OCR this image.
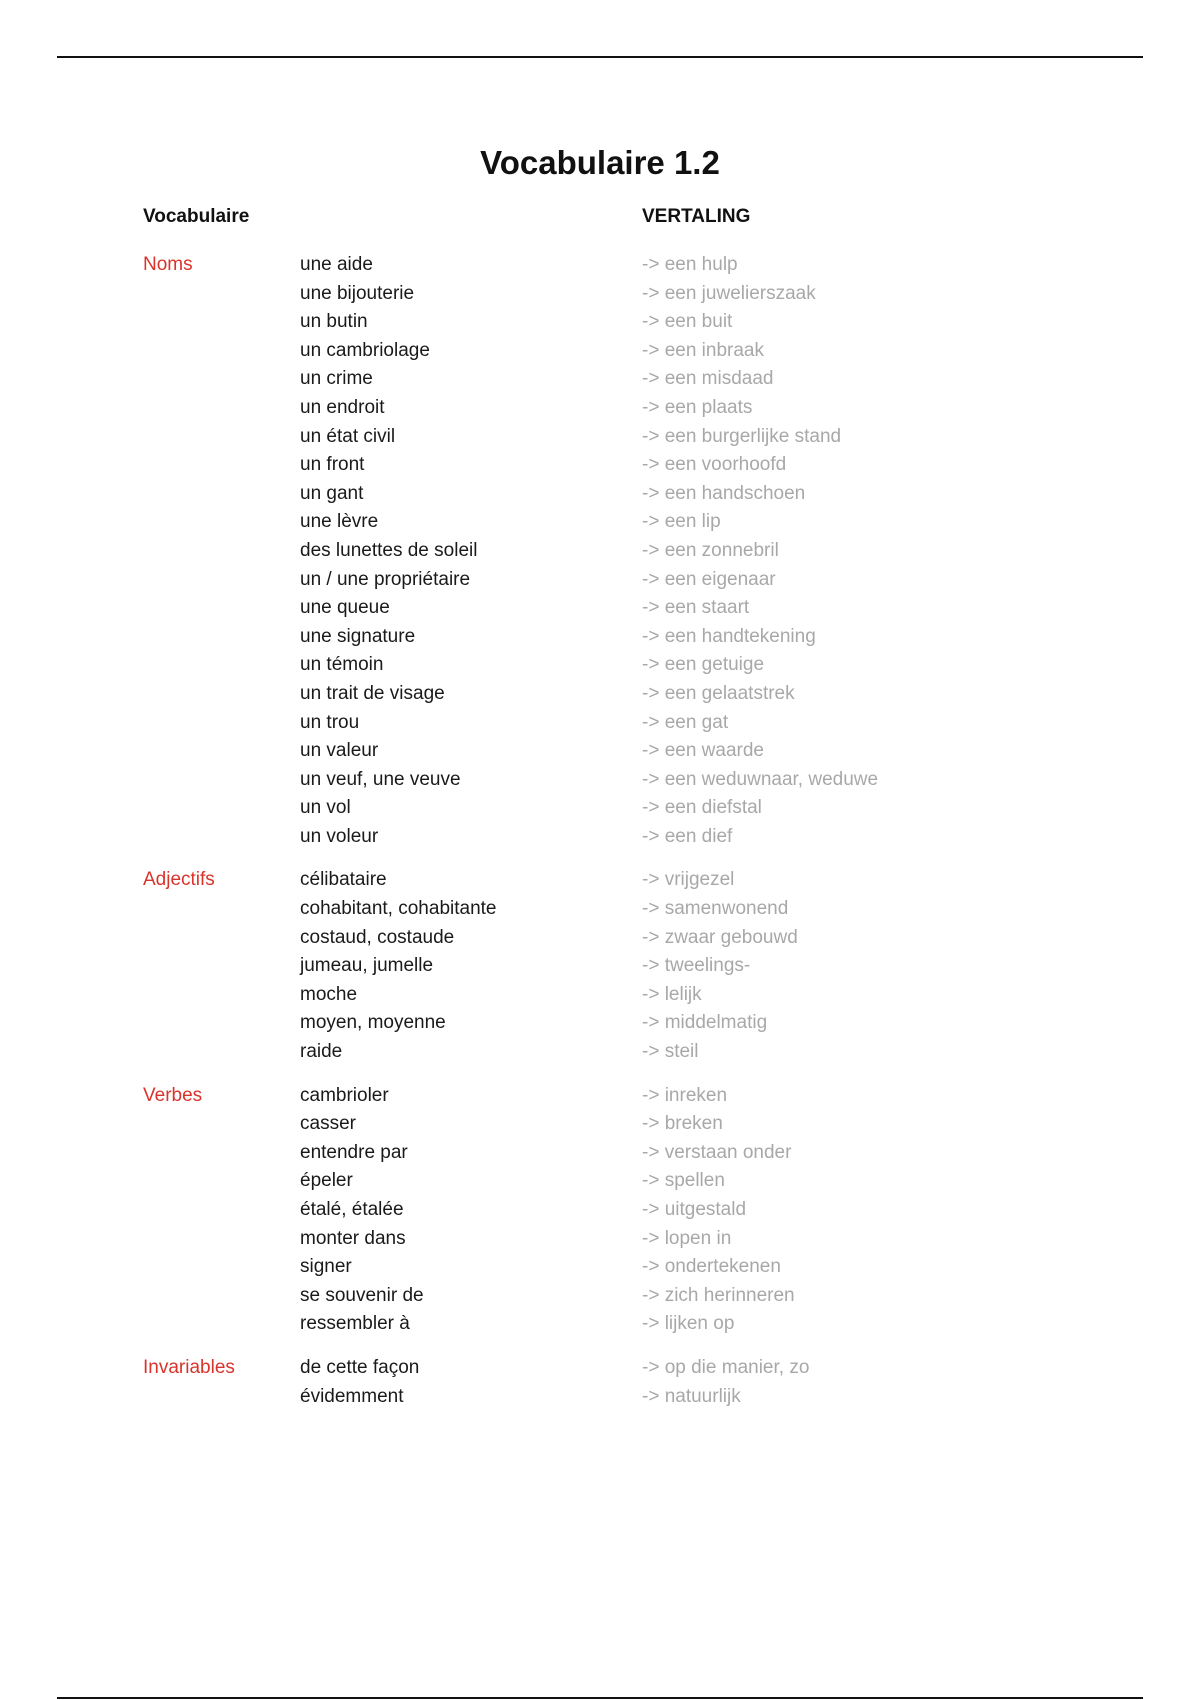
Vocabulaire 1.2
Vocabulaire	VERTALING
Noms	une aide	-> een hulp
une bijouterie	-> een juwelierszaak
un butin	-> een buit
un cambriolage	-> een inbraak
un crime	-> een misdaad
un endroit	-> een plaats
un état civil	-> een burgerlijke stand
un front	-> een voorhoofd
un gant	-> een handschoen
une lèvre	-> een lip
des lunettes de soleil	-> een zonnebril
un / une propriétaire	-> een eigenaar
une queue	-> een staart
une signature	-> een handtekening
un témoin	-> een getuige
un trait de visage	-> een gelaatstrek
un trou	-> een gat
un valeur	-> een waarde
un veuf, une veuve	-> een weduwnaar, weduwe
un vol	-> een diefstal
un voleur	-> een dief
Adjectifs	célibataire	-> vrijgezel
cohabitant, cohabitante	-> samenwonend
costaud, costaude	-> zwaar gebouwd
jumeau, jumelle	-> tweelings-
moche	-> lelijk
moyen, moyenne	-> middelmatig
raide	-> steil
Verbes	cambrioler	-> inreken
casser	-> breken
entendre par	-> verstaan onder
épeler	-> spellen
étalé, étalée	-> uitgestald
monter dans	-> lopen in
signer	-> ondertekenen
se souvenir de	-> zich herinneren
ressembler à	-> lijken op
Invariables	de cette façon	-> op die manier, zo
évidemment	-> natuurlijk
